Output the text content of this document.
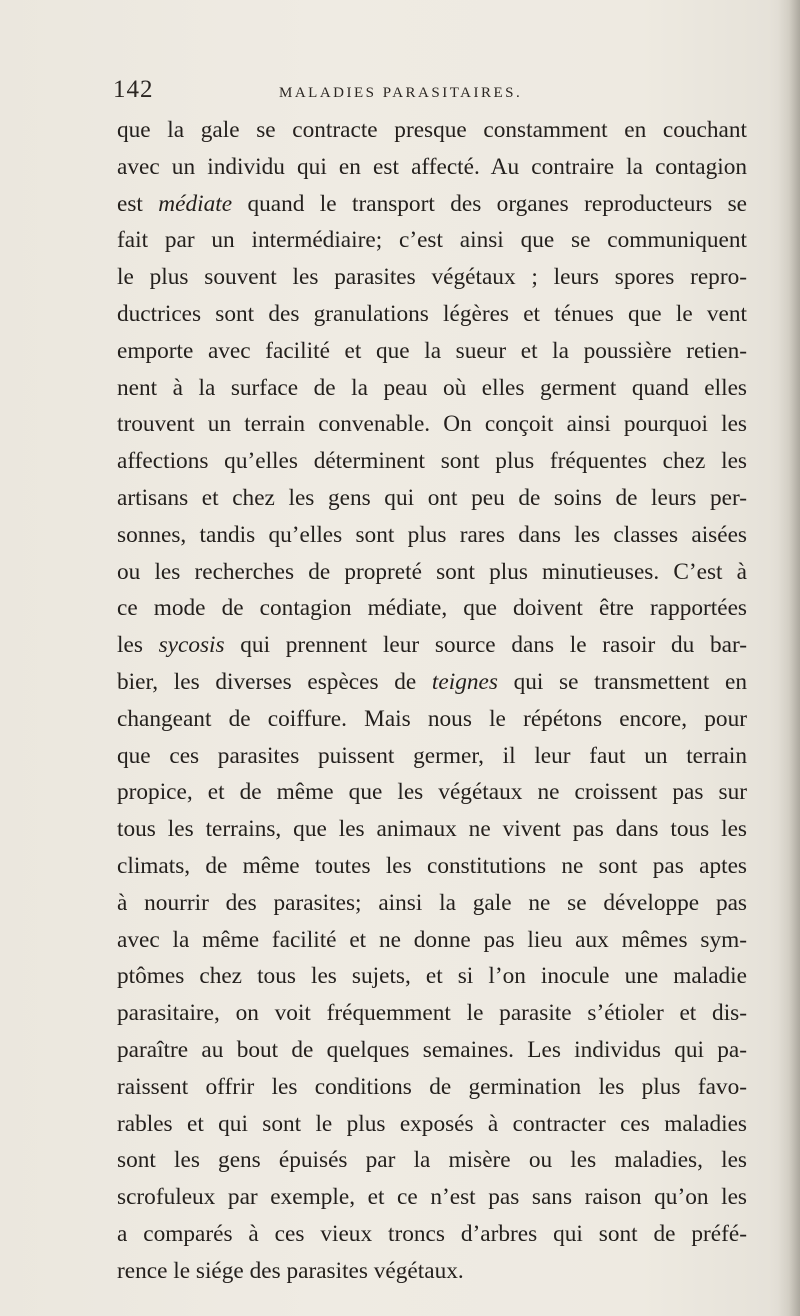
142	MALADIES PARASITAIRES.
que la gale se contracte presque constamment en couchant
avec un individu qui en est affecté. Au contraire la contagion
est médiate quand le transport des organes reproducteurs se
fait par un intermédiaire; c’est ainsi que se communiquent
le plus souvent les parasites végétaux ; leurs spores repro-
ductrices sont des granulations légères et ténues que le vent
emporte avec facilité et que la sueur et la poussière retien-
nent à la surface de la peau où elles germent quand elles
trouvent un terrain convenable. On conçoit ainsi pourquoi les
affections qu’elles déterminent sont plus fréquentes chez les
artisans et chez les gens qui ont peu de soins de leurs per-
sonnes, tandis qu’elles sont plus rares dans les classes aisées
ou les recherches de propreté sont plus minutieuses. C’est à
ce mode de contagion médiate, que doivent être rapportées
les sycosis qui prennent leur source dans le rasoir du bar-
bier, les diverses espèces de teignes qui se transmettent en
changeant de coiffure. Mais nous le répétons encore, pour
que ces parasites puissent germer, il leur faut un terrain
propice, et de même que les végétaux ne croissent pas sur
tous les terrains, que les animaux ne vivent pas dans tous les
climats, de même toutes les constitutions ne sont pas aptes
à nourrir des parasites; ainsi la gale ne se développe pas
avec la même facilité et ne donne pas lieu aux mêmes sym-
ptômes chez tous les sujets, et si l’on inocule une maladie
parasitaire, on voit fréquemment le parasite s’étioler et dis-
paraître au bout de quelques semaines. Les individus qui pa-
raissent offrir les conditions de germination les plus favo-
rables et qui sont le plus exposés à contracter ces maladies
sont les gens épuisés par la misère ou les maladies, les
scrofuleux par exemple, et ce n’est pas sans raison qu’on les
a comparés à ces vieux troncs d’arbres qui sont de préfé-
rence le siége des parasites végétaux.
